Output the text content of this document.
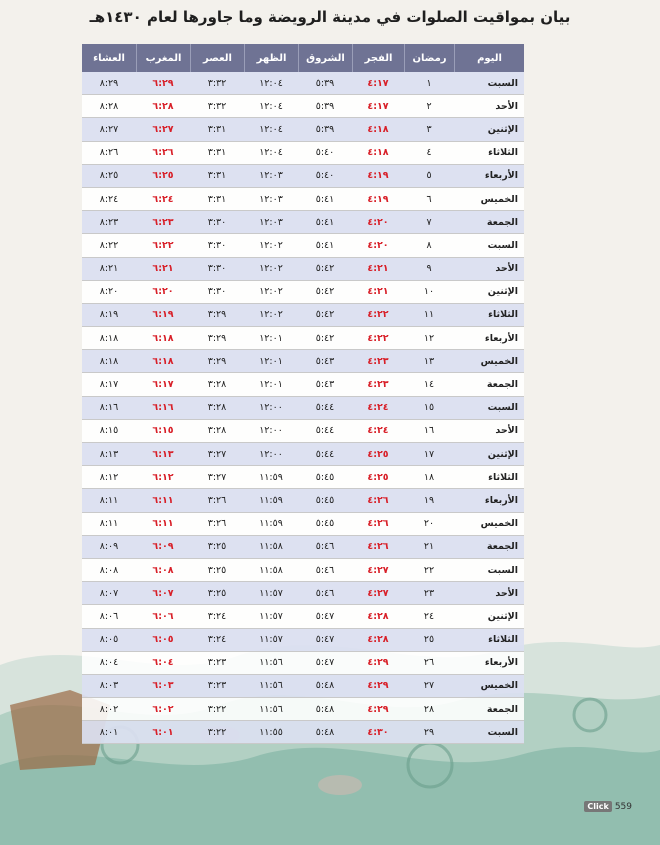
بيان بمواقيت الصلوات في مدينة الرويضة وما جاورها لعام ١٤٣٠هـ
اليوم	رمضان	الفجر	الشروق	الظهر	العصر	المغرب	العشاء
السبت	١	٤:١٧	٥:٣٩	١٢:٠٤	٣:٣٢	٦:٢٩	٨:٢٩
الأحد	٢	٤:١٧	٥:٣٩	١٢:٠٤	٣:٣٢	٦:٢٨	٨:٢٨
الإثنين	٣	٤:١٨	٥:٣٩	١٢:٠٤	٣:٣١	٦:٢٧	٨:٢٧
الثلاثاء	٤	٤:١٨	٥:٤٠	١٢:٠٤	٣:٣١	٦:٢٦	٨:٢٦
الأربعاء	٥	٤:١٩	٥:٤٠	١٢:٠٣	٣:٣١	٦:٢٥	٨:٢٥
الخميس	٦	٤:١٩	٥:٤١	١٢:٠٣	٣:٣١	٦:٢٤	٨:٢٤
الجمعة	٧	٤:٢٠	٥:٤١	١٢:٠٣	٣:٣٠	٦:٢٣	٨:٢٣
السبت	٨	٤:٢٠	٥:٤١	١٢:٠٢	٣:٣٠	٦:٢٢	٨:٢٢
الأحد	٩	٤:٢١	٥:٤٢	١٢:٠٢	٣:٣٠	٦:٢١	٨:٢١
الإثنين	١٠	٤:٢١	٥:٤٢	١٢:٠٢	٣:٣٠	٦:٢٠	٨:٢٠
الثلاثاء	١١	٤:٢٢	٥:٤٢	١٢:٠٢	٣:٢٩	٦:١٩	٨:١٩
الأربعاء	١٢	٤:٢٢	٥:٤٢	١٢:٠١	٣:٢٩	٦:١٨	٨:١٨
الخميس	١٣	٤:٢٣	٥:٤٣	١٢:٠١	٣:٢٩	٦:١٨	٨:١٨
الجمعة	١٤	٤:٢٣	٥:٤٣	١٢:٠١	٣:٢٨	٦:١٧	٨:١٧
السبت	١٥	٤:٢٤	٥:٤٤	١٢:٠٠	٣:٢٨	٦:١٦	٨:١٦
الأحد	١٦	٤:٢٤	٥:٤٤	١٢:٠٠	٣:٢٨	٦:١٥	٨:١٥
الإثنين	١٧	٤:٢٥	٥:٤٤	١٢:٠٠	٣:٢٧	٦:١٣	٨:١٣
الثلاثاء	١٨	٤:٢٥	٥:٤٥	١١:٥٩	٣:٢٧	٦:١٢	٨:١٢
الأربعاء	١٩	٤:٢٦	٥:٤٥	١١:٥٩	٣:٢٦	٦:١١	٨:١١
الخميس	٢٠	٤:٢٦	٥:٤٥	١١:٥٩	٣:٢٦	٦:١١	٨:١١
الجمعة	٢١	٤:٢٦	٥:٤٦	١١:٥٨	٣:٢٥	٦:٠٩	٨:٠٩
السبت	٢٢	٤:٢٧	٥:٤٦	١١:٥٨	٣:٢٥	٦:٠٨	٨:٠٨
الأحد	٢٣	٤:٢٧	٥:٤٦	١١:٥٧	٣:٢٥	٦:٠٧	٨:٠٧
الإثنين	٢٤	٤:٢٨	٥:٤٧	١١:٥٧	٣:٢٤	٦:٠٦	٨:٠٦
الثلاثاء	٢٥	٤:٢٨	٥:٤٧	١١:٥٧	٣:٢٤	٦:٠٥	٨:٠٥
الأربعاء	٢٦	٤:٢٩	٥:٤٧	١١:٥٦	٣:٢٣	٦:٠٤	٨:٠٤
الخميس	٢٧	٤:٢٩	٥:٤٨	١١:٥٦	٣:٢٣	٦:٠٣	٨:٠٣
الجمعة	٢٨	٤:٢٩	٥:٤٨	١١:٥٦	٣:٢٢	٦:٠٢	٨:٠٢
السبت	٢٩	٤:٣٠	٥:٤٨	١١:٥٥	٣:٢٢	٦:٠١	٨:٠١
Click 559
